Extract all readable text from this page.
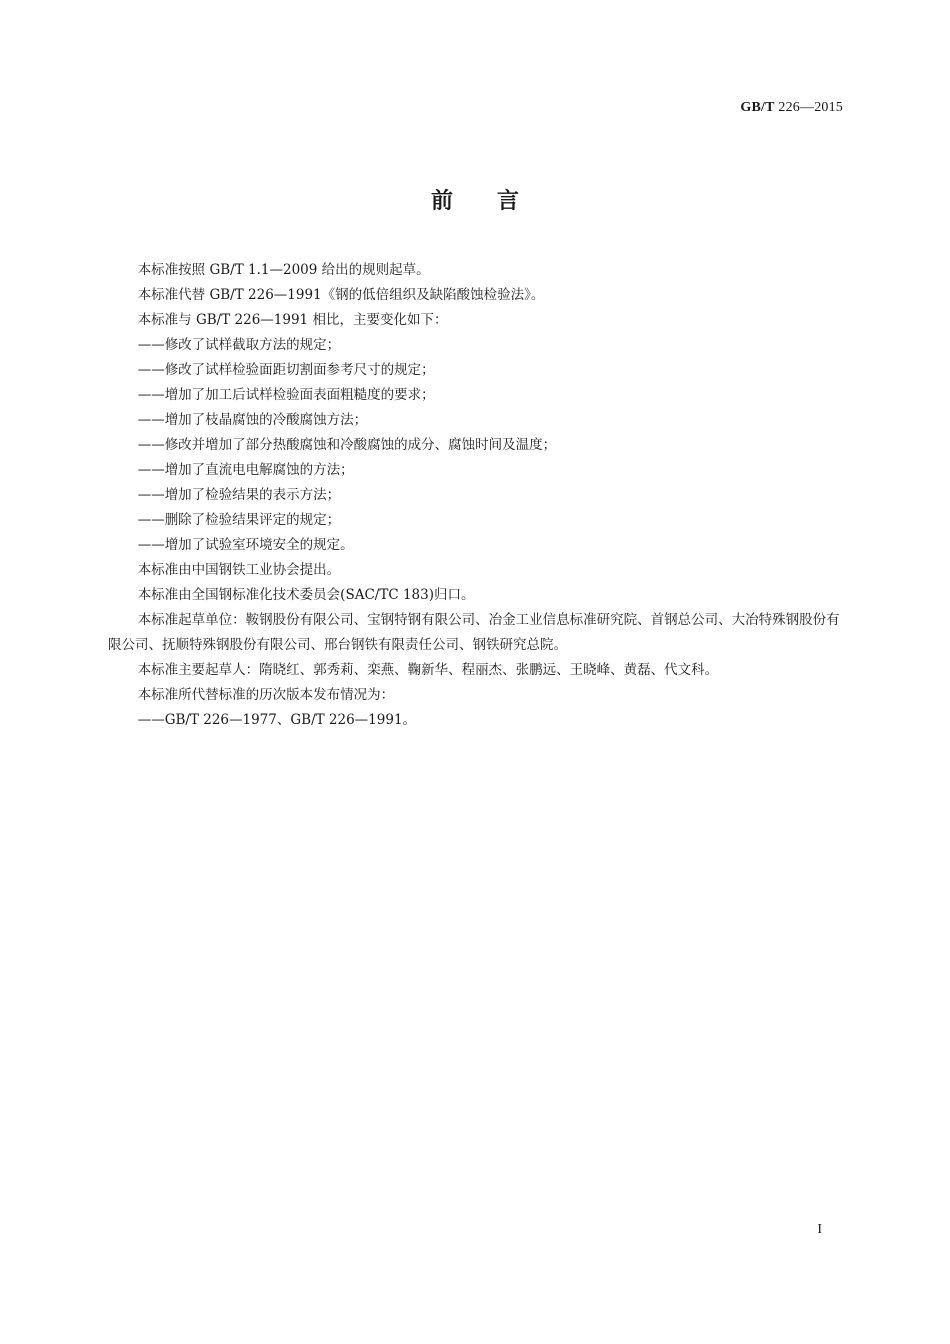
GB/T 226—2015
前言

本标准按照 GB/T 1.1—2009 给出的规则起草。

本标准代替 GB/T 226—1991《钢的低倍组织及缺陷酸蚀检验法》。

本标准与 GB/T 226—1991 相比，主要变化如下：

——修改了试样截取方法的规定；

——修改了试样检验面距切割面参考尺寸的规定；

——增加了加工后试样检验面表面粗糙度的要求；

——增加了枝晶腐蚀的冷酸腐蚀方法；

——修改并增加了部分热酸腐蚀和冷酸腐蚀的成分、腐蚀时间及温度；

——增加了直流电电解腐蚀的方法；

——增加了检验结果的表示方法；

——删除了检验结果评定的规定；

——增加了试验室环境安全的规定。

本标准由中国钢铁工业协会提出。

本标准由全国钢标准化技术委员会(SAC/TC 183)归口。

本标准起草单位：鞍钢股份有限公司、宝钢特钢有限公司、冶金工业信息标准研究院、首钢总公司、大冶特殊钢股份有限公司、抚顺特殊钢股份有限公司、邢台钢铁有限责任公司、钢铁研究总院。

本标准主要起草人：隋晓红、郭秀莉、栾燕、鞠新华、程丽杰、张鹏远、王晓峰、黄磊、代文科。

本标准所代替标准的历次版本发布情况为：

——GB/T 226—1977、GB/T 226—1991。

I
